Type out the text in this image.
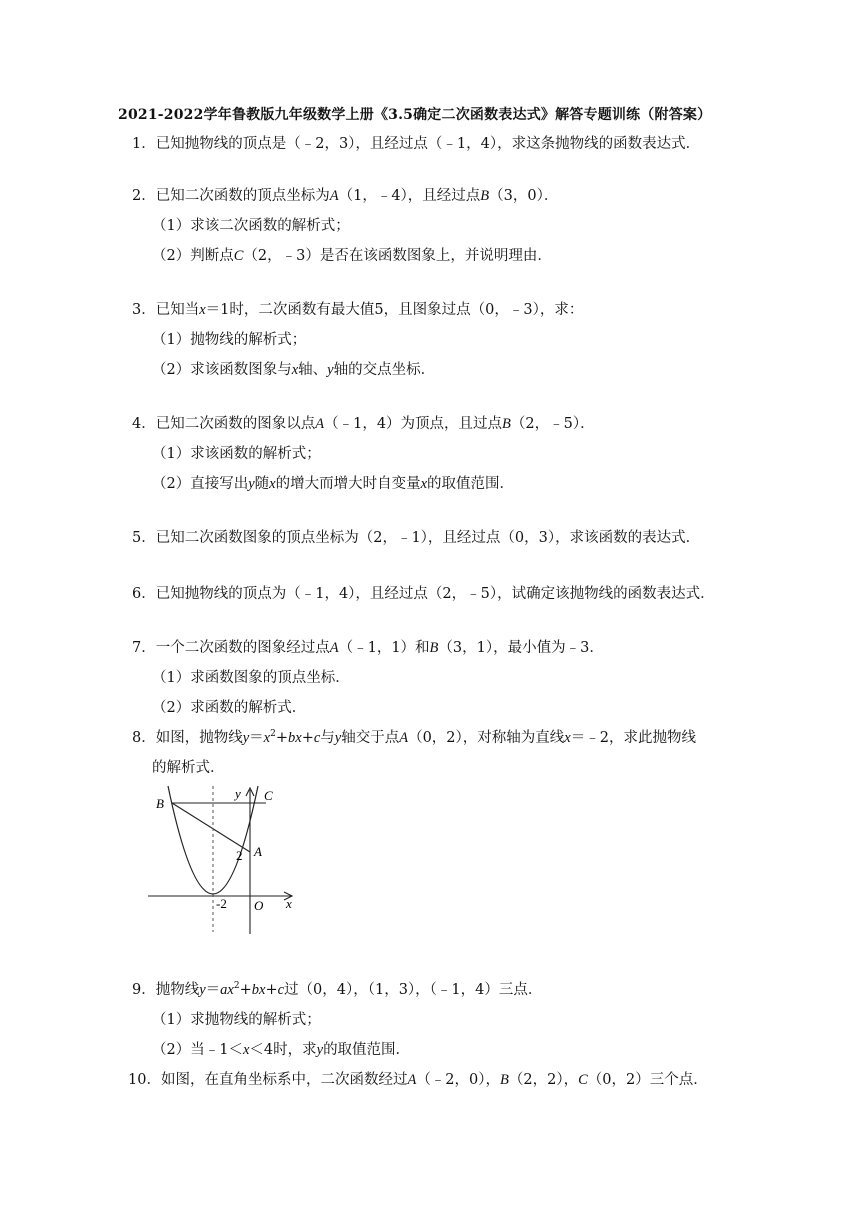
2021-2022学年鲁教版九年级数学上册《3.5确定二次函数表达式》解答专题训练（附答案）
1．已知抛物线的顶点是（﹣2，3），且经过点（﹣1，4），求这条抛物线的函数表达式．
2．已知二次函数的顶点坐标为A（1，﹣4），且经过点B（3，0）．
（1）求该二次函数的解析式；
（2）判断点C（2，﹣3）是否在该函数图象上，并说明理由．
3．已知当x＝1时，二次函数有最大值5，且图象过点（0，﹣3），求：
（1）抛物线的解析式；
（2）求该函数图象与x轴、y轴的交点坐标．
4．已知二次函数的图象以点A（﹣1，4）为顶点，且过点B（2，﹣5）．
（1）求该函数的解析式；
（2）直接写出y随x的增大而增大时自变量x的取值范围．
5．已知二次函数图象的顶点坐标为（2，﹣1），且经过点（0，3），求该函数的表达式．
6．已知抛物线的顶点为（﹣1，4），且经过点（2，﹣5），试确定该抛物线的函数表达式．
7．一个二次函数的图象经过点A（﹣1，1）和B（3，1），最小值为﹣3．
（1）求函数图象的顶点坐标．
（2）求函数的解析式．
8．如图，抛物线$y=x^2+bx+c$与y轴交于点A（0，2），对称轴为直线x＝﹣2，求此抛物线
的解析式．
B
C
A
y
x
O
2
-2
9．抛物线$y=ax^2+bx+c$过（0，4），（1，3），（﹣1，4）三点．
（1）求抛物线的解析式；
（2）当﹣1＜x＜4时，求y的取值范围．
10．如图，在直角坐标系中，二次函数经过A（﹣2，0），B（2，2），C（0，2）三个点．
